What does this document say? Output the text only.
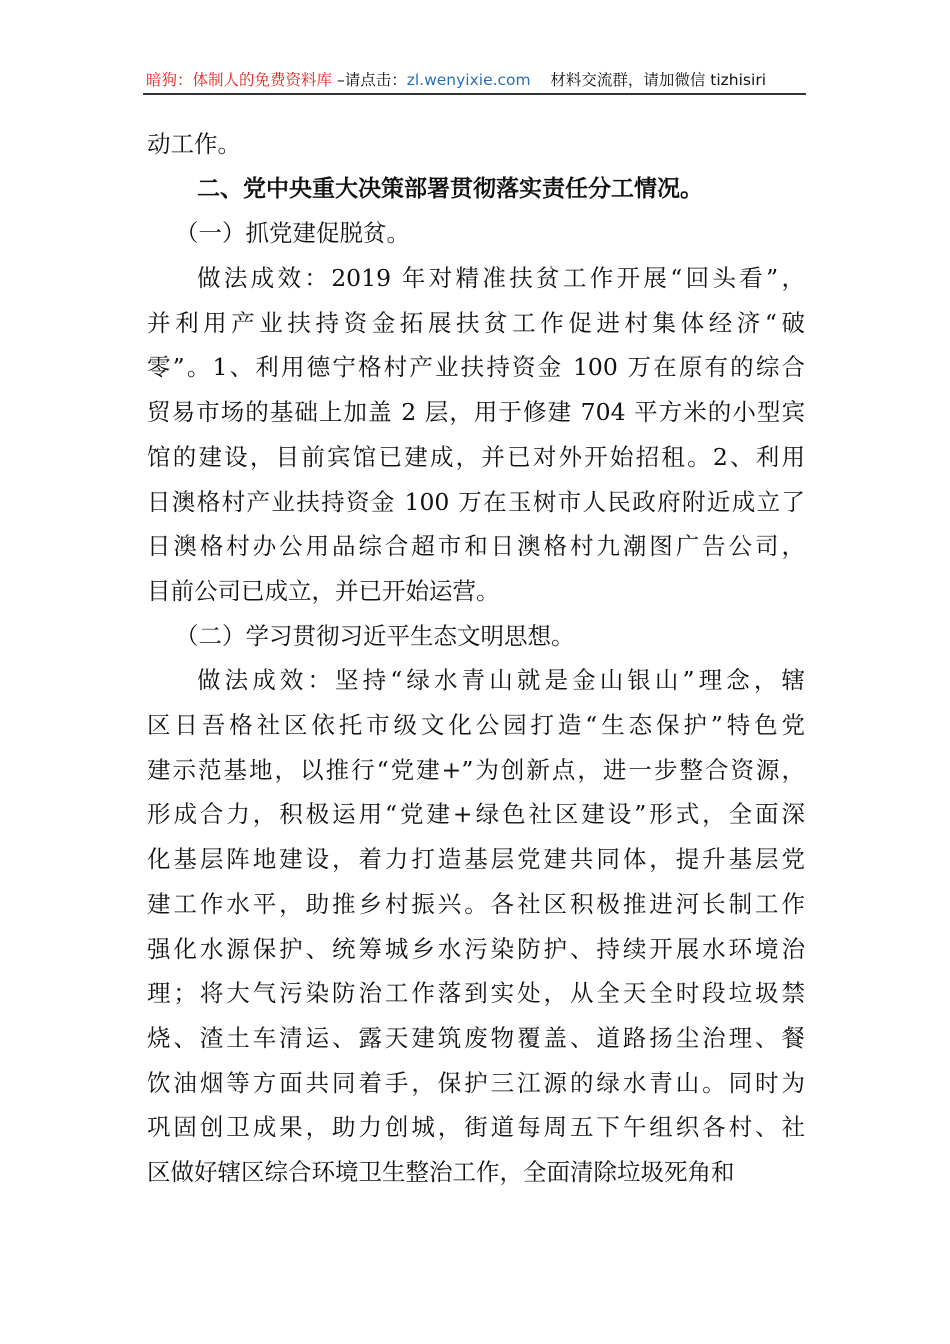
暗狗：体制人的免费资料库 –请点击：zl.wenyixie.com 材料交流群，请加微信 tizhisiri
动工作。
二、党中央重大决策部署贯彻落实责任分工情况。
（一）抓党建促脱贫。
做法成效：2019 年对精准扶贫工作开展“回头看”，
并利用产业扶持资金拓展扶贫工作促进村集体经济“破
零”。1、利用德宁格村产业扶持资金 100 万在原有的综合
贸易市场的基础上加盖 2 层，用于修建 704 平方米的小型宾
馆的建设，目前宾馆已建成，并已对外开始招租。2、利用
日澳格村产业扶持资金 100 万在玉树市人民政府附近成立了
日澳格村办公用品综合超市和日澳格村九潮图广告公司，
目前公司已成立，并已开始运营。
（二）学习贯彻习近平生态文明思想。
做法成效：坚持“绿水青山就是金山银山”理念，辖
区日吾格社区依托市级文化公园打造“生态保护”特色党
建示范基地，以推行“党建+”为创新点，进一步整合资源，
形成合力，积极运用“党建+绿色社区建设”形式，全面深
化基层阵地建设，着力打造基层党建共同体，提升基层党
建工作水平，助推乡村振兴。各社区积极推进河长制工作
强化水源保护、统筹城乡水污染防护、持续开展水环境治
理；将大气污染防治工作落到实处，从全天全时段垃圾禁
烧、渣土车清运、露天建筑废物覆盖、道路扬尘治理、餐
饮油烟等方面共同着手，保护三江源的绿水青山。同时为
巩固创卫成果，助力创城，街道每周五下午组织各村、社
区做好辖区综合环境卫生整治工作，全面清除垃圾死角和
